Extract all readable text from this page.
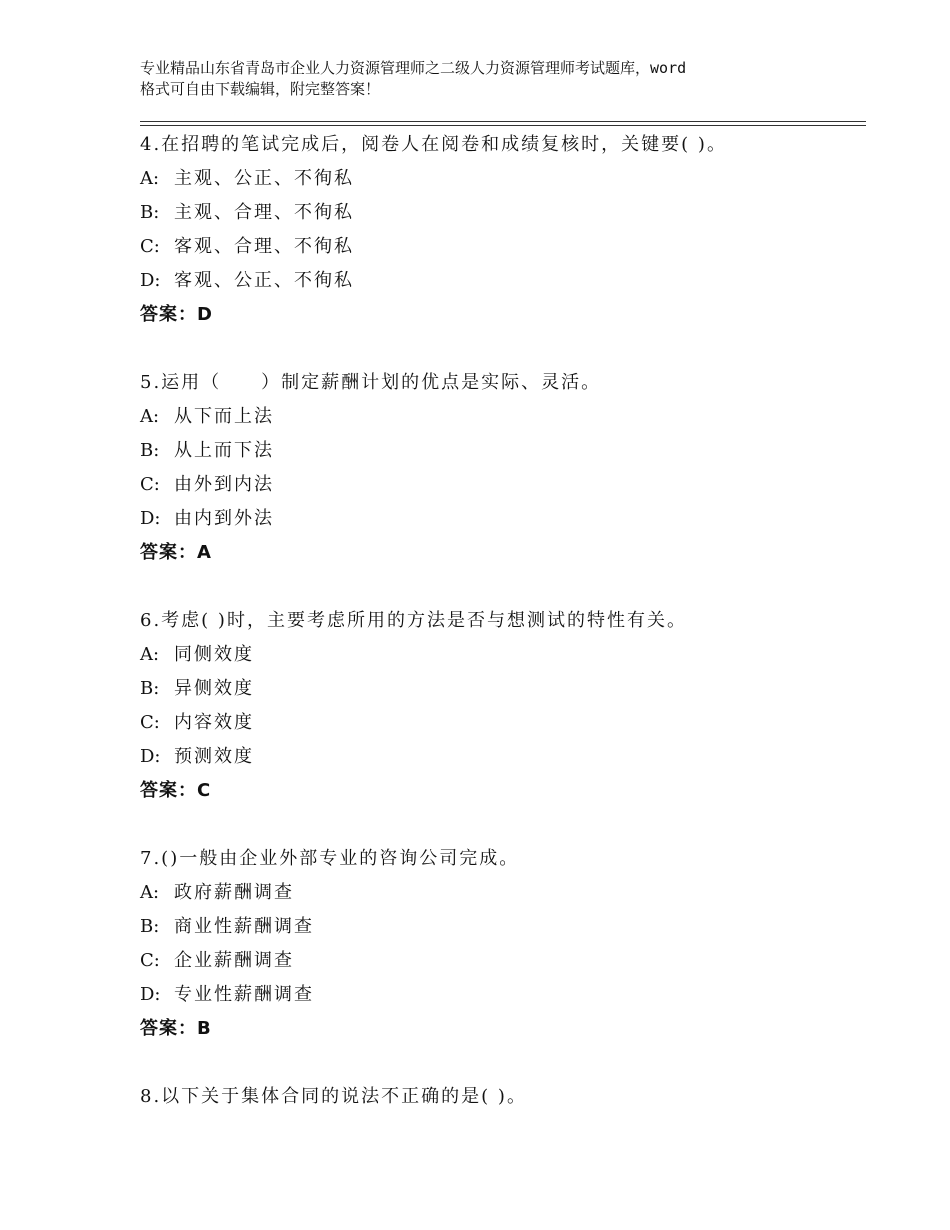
专业精品山东省青岛市企业人力资源管理师之二级人力资源管理师考试题库，word
格式可自由下载编辑，附完整答案！
4.在招聘的笔试完成后，阅卷人在阅卷和成绩复核时，关键要( )。
A: 主观、公正、不徇私
B: 主观、合理、不徇私
C: 客观、合理、不徇私
D: 客观、公正、不徇私
答案：D
5.运用（　　）制定薪酬计划的优点是实际、灵活。
A: 从下而上法
B: 从上而下法
C: 由外到内法
D: 由内到外法
答案：A
6.考虑( )时，主要考虑所用的方法是否与想测试的特性有关。
A: 同侧效度
B: 异侧效度
C: 内容效度
D: 预测效度
答案：C
7.()一般由企业外部专业的咨询公司完成。
A: 政府薪酬调查
B: 商业性薪酬调查
C: 企业薪酬调查
D: 专业性薪酬调查
答案：B
8.以下关于集体合同的说法不正确的是( )。
